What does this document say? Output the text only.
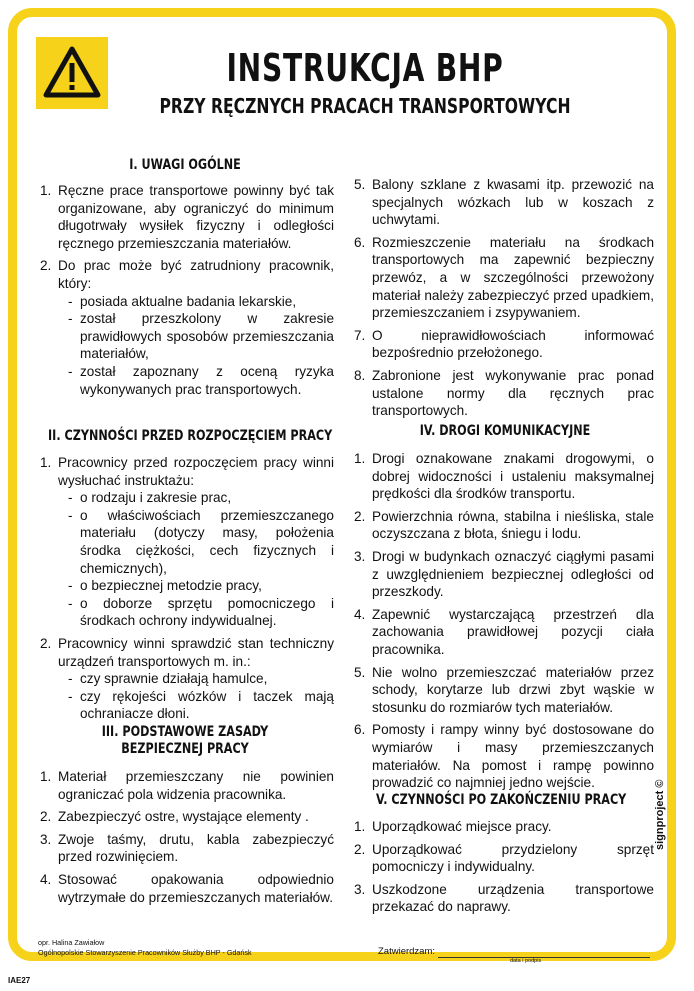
INSTRUKCJA BHP
PRZY RĘCZNYCH PRACACH TRANSPORTOWYCH
I. UWAGI OGÓLNE
1. Ręczne prace transportowe powinny być tak organizowane, aby ograniczyć do minimum długotrwały wysiłek fizyczny i odległości ręcznego przemieszczania materiałów.
2. Do prac może być zatrudniony pracownik, który:
- posiada aktualne badania lekarskie,
- został przeszkolony w zakresie prawidłowych sposobów przemieszczania materiałów,
- został zapoznany z oceną ryzyka wykonywanych prac transportowych.
II. CZYNNOŚCI PRZED ROZPOCZĘCIEM PRACY
1. Pracownicy przed rozpoczęciem pracy winni wysłuchać instruktażu:
- o rodzaju i zakresie prac,
- o właściwościach przemieszczanego materiału (dotyczy masy, położenia środka ciężkości, cech fizycznych i chemicznych),
- o bezpiecznej metodzie pracy,
- o doborze sprzętu pomocniczego i środkach ochrony indywidualnej.
2. Pracownicy winni sprawdzić stan techniczny urządzeń transportowych m. in.:
- czy sprawnie działają hamulce,
- czy rękojeści wózków i taczek mają ochraniacze dłoni.
III. PODSTAWOWE ZASADY BEZPIECZNEJ PRACY
1. Materiał przemieszczany nie powinien ograniczać pola widzenia pracownika.
2. Zabezpieczyć ostre, wystające elementy .
3. Zwoje taśmy, drutu, kabla zabezpieczyć przed rozwinięciem.
4. Stosować opakowania odpowiednio wytrzymałe do przemieszczanych materiałów.
5. Balony szklane z kwasami itp. przewozić na specjalnych wózkach lub w koszach z uchwytami.
6. Rozmieszczenie materiału na środkach transportowych ma zapewnić bezpieczny przewóz, a w szczególności przewożony materiał należy zabezpieczyć przed upadkiem, przemieszczaniem i zsypywaniem.
7. O nieprawidłowościach informować bezpośrednio przełożonego.
8. Zabronione jest wykonywanie prac ponad ustalone normy dla ręcznych prac transportowych.
IV. DROGI KOMUNIKACYJNE
1. Drogi oznakowane znakami drogowymi, o dobrej widoczności i ustaleniu maksymalnej prędkości dla środków transportu.
2. Powierzchnia równa, stabilna i nieśliska, stale oczyszczana z błota, śniegu i lodu.
3. Drogi w budynkach oznaczyć ciągłymi pasami z uwzględnieniem bezpiecznej odległości od przeszkody.
4. Zapewnić wystarczającą przestrzeń dla zachowania prawidłowej pozycji ciała pracownika.
5. Nie wolno przemieszczać materiałów przez schody, korytarze lub drzwi zbyt wąskie w stosunku do rozmiarów tych materiałów.
6. Pomosty i rampy winny być dostosowane do wymiarów i masy przemieszczanych materiałów. Na pomost i rampę powinno prowadzić co najmniej jedno wejście.
V. CZYNNOŚCI PO ZAKOŃCZENIU PRACY
1. Uporządkować miejsce pracy.
2. Uporządkować przydzielony sprzęt pomocniczy i indywidualny.
3. Uszkodzone urządzenia transportowe przekazać do naprawy.
opr. Halina Zawiałow
Ogólnopolskie Stowarzyszenie Pracowników Służby BHP - Gdańsk	Zatwierdzam:
data i podpis
IAE27
signproject ©
